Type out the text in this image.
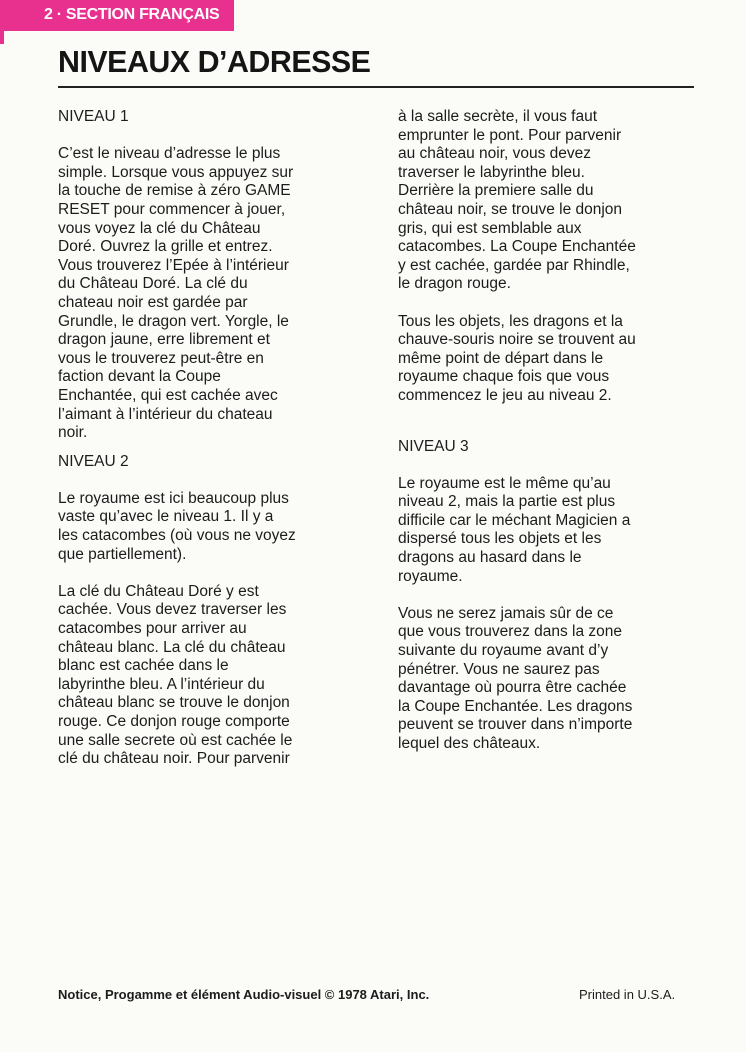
2 · SECTION FRANÇAIS
NIVEAUX D’ADRESSE

NIVEAU 1

C’est le niveau d’adresse le plus
simple. Lorsque vous appuyez sur
la touche de remise à zéro GAME
RESET pour commencer à jouer,
vous voyez la clé du Château
Doré. Ouvrez la grille et entrez.
Vous trouverez l’Epée à l’intérieur
du Château Doré. La clé du
chateau noir est gardée par
Grundle, le dragon vert. Yorgle, le
dragon jaune, erre librement et
vous le trouverez peut-être en
faction devant la Coupe
Enchantée, qui est cachée avec
l’aimant à l’intérieur du chateau
noir.

NIVEAU 2

Le royaume est ici beaucoup plus
vaste qu’avec le niveau 1. Il y a
les catacombes (où vous ne voyez
que partiellement).

La clé du Château Doré y est
cachée. Vous devez traverser les
catacombes pour arriver au
château blanc. La clé du château
blanc est cachée dans le
labyrinthe bleu. A l’intérieur du
château blanc se trouve le donjon
rouge. Ce donjon rouge comporte
une salle secrete où est cachée le
clé du château noir. Pour parvenir

à la salle secrète, il vous faut
emprunter le pont. Pour parvenir
au château noir, vous devez
traverser le labyrinthe bleu.
Derrière la premiere salle du
château noir, se trouve le donjon
gris, qui est semblable aux
catacombes. La Coupe Enchantée
y est cachée, gardée par Rhindle,
le dragon rouge.

Tous les objets, les dragons et la
chauve-souris noire se trouvent au
même point de départ dans le
royaume chaque fois que vous
commencez le jeu au niveau 2.

NIVEAU 3

Le royaume est le même qu’au
niveau 2, mais la partie est plus
difficile car le méchant Magicien a
dispersé tous les objets et les
dragons au hasard dans le
royaume.

Vous ne serez jamais sûr de ce
que vous trouverez dans la zone
suivante du royaume avant d’y
pénétrer. Vous ne saurez pas
davantage où pourra être cachée
la Coupe Enchantée. Les dragons
peuvent se trouver dans n’importe
lequel des châteaux.

Notice, Progamme et élément Audio-visuel © 1978 Atari, Inc.	Printed in U.S.A.
